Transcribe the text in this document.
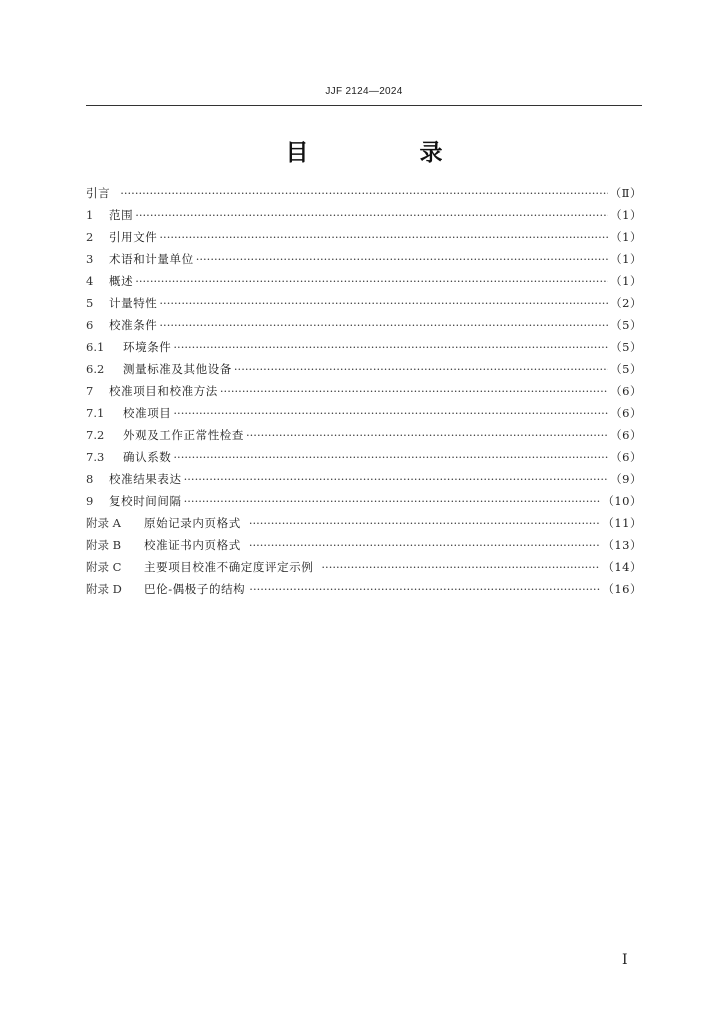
JJF 2124—2024
目　录
引言 ·····	（Ⅱ）
1	范围 ·····	（1）
2	引用文件 ·····	（1）
3	术语和计量单位 ·····	（1）
4	概述 ·····	（1）
5	计量特性 ·····	（2）
6	校准条件 ·····	（5）
6.1	环境条件 ·····	（5）
6.2	测量标准及其他设备 ·····	（5）
7	校准项目和校准方法 ·····	（6）
7.1	校准项目 ·····	（6）
7.2	外观及工作正常性检查 ·····	（6）
7.3	确认系数 ·····	（6）
8	校准结果表达 ·····	（9）
9	复校时间间隔 ·····	（10）
附录 A	原始记录内页格式 ·····	（11）
附录 B	校准证书内页格式 ·····	（13）
附录 C	主要项目校准不确定度评定示例 ·····	（14）
附录 D	巴伦-偶极子的结构 ·····	（16）
I
